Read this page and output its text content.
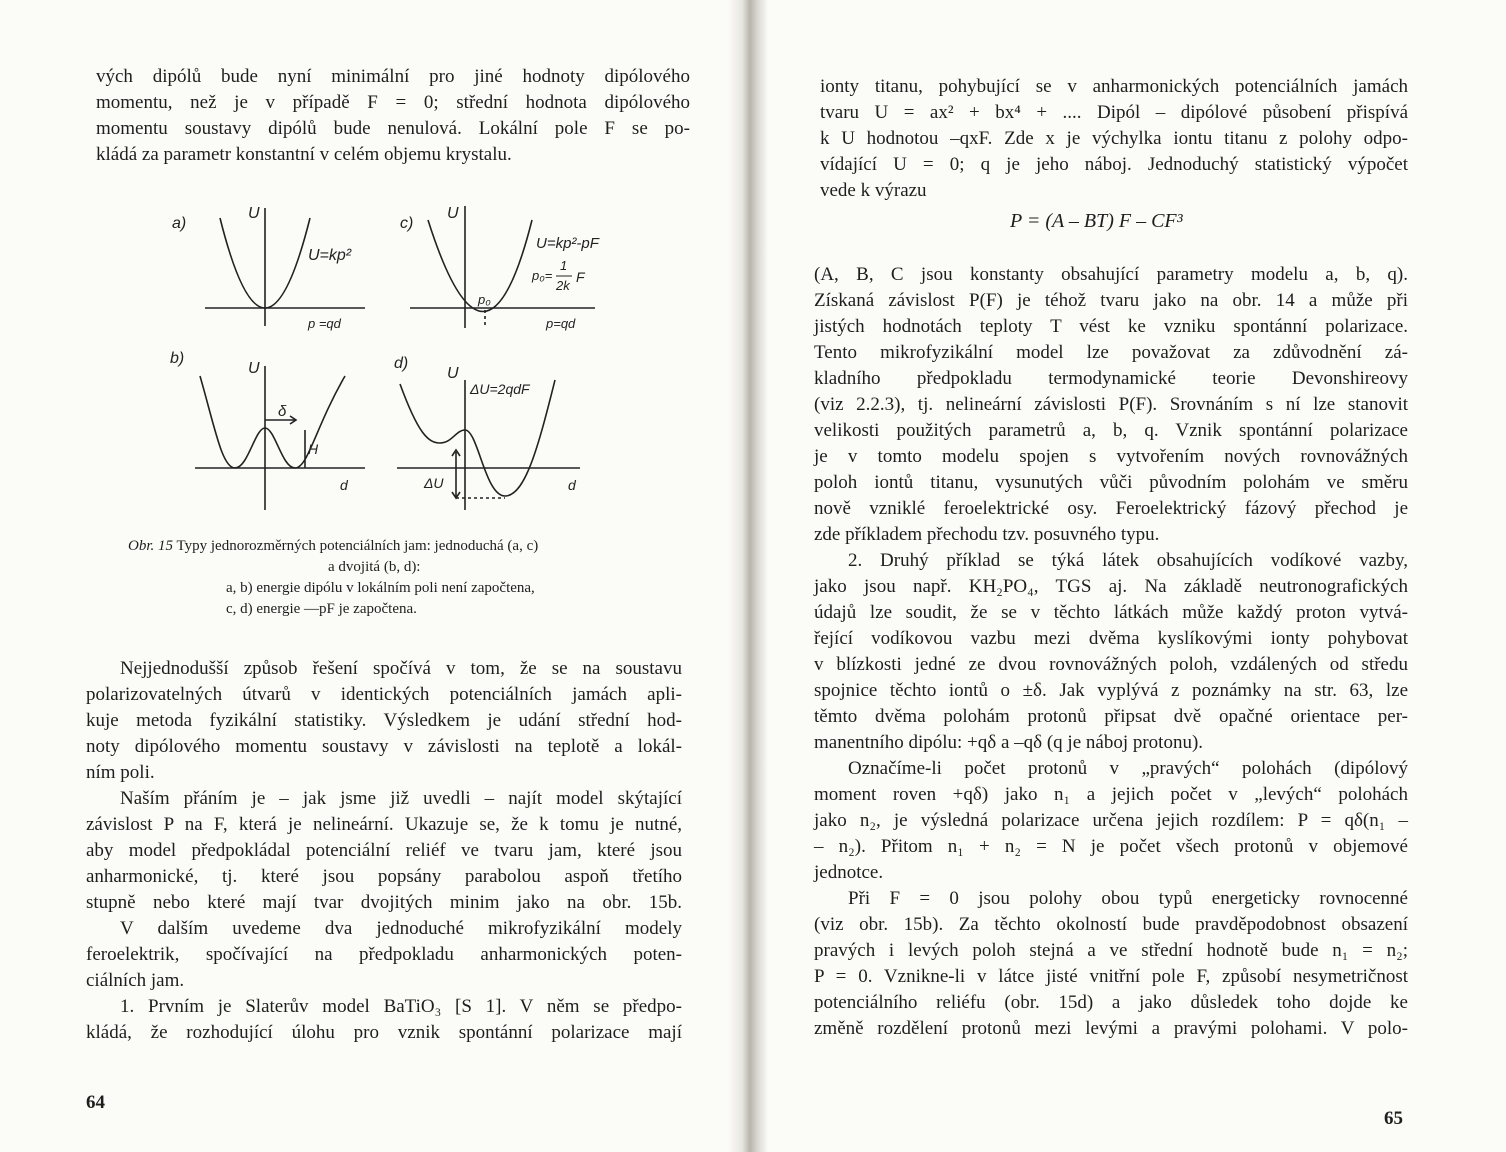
vých dipólů bude nyní minimální pro jiné hodnoty dipólového
momentu, než je v případě F = 0; střední hodnota dipólového
momentu soustavy dipólů bude nenulová. Lokální pole F se po-
kládá za parametr konstantní v celém objemu krystalu.

a)
U
U=kp²
p =qd
c)
U
U=kp²-pF
p₀=
1
2k
F
p₀
p=qd
b)
U
δ
H
d
d)
U
ΔU=2qdF
ΔU	d
Obr. 15 Typy jednorozměrných potenciálních jam: jednoduchá (a, c)
a dvojitá (b, d):
a, b) energie dipólu v lokálním poli není započtena,
c, d) energie —pF je započtena.

Nejjednodušší způsob řešení spočívá v tom, že se na soustavu
polarizovatelných útvarů v identických potenciálních jamách apli-
kuje metoda fyzikální statistiky. Výsledkem je udání střední hod-
noty dipólového momentu soustavy v závislosti na teplotě a lokál-
ním poli.
Naším přáním je – jak jsme již uvedli – najít model skýtající
závislost P na F, která je nelineární. Ukazuje se, že k tomu je nutné,
aby model předpokládal potenciální reliéf ve tvaru jam, které jsou
anharmonické, tj. které jsou popsány parabolou aspoň třetího
stupně nebo které mají tvar dvojitých minim jako na obr. 15b.
V dalším uvedeme dva jednoduché mikrofyzikální modely
feroelektrik, spočívající na předpokladu anharmonických poten-
ciálních jam.
1. Prvním je Slaterův model BaTiO₃ [S 1]. V něm se předpo-
kládá, že rozhodující úlohu pro vznik spontánní polarizace mají

64

ionty titanu, pohybující se v anharmonických potenciálních jamách
tvaru U = ax² + bx⁴ + .... Dipól – dipólové působení přispívá
k U hodnotou –qxF. Zde x je výchylka iontu titanu z polohy odpo-
vídající U = 0; q je jeho náboj. Jednoduchý statistický výpočet
vede k výrazu

P = (A – BT) F – CF³

(A, B, C jsou konstanty obsahující parametry modelu a, b, q).
Získaná závislost P(F) je téhož tvaru jako na obr. 14 a může při
jistých hodnotách teploty T vést ke vzniku spontánní polarizace.
Tento mikrofyzikální model lze považovat za zdůvodnění zá-
kladního předpokladu termodynamické teorie Devonshireovy
(viz 2.2.3), tj. nelineární závislosti P(F). Srovnáním s ní lze stanovit
velikosti použitých parametrů a, b, q. Vznik spontánní polarizace
je v tomto modelu spojen s vytvořením nových rovnovážných
poloh iontů titanu, vysunutých vůči původním polohám ve směru
nově vzniklé feroelektrické osy. Feroelektrický fázový přechod je
zde příkladem přechodu tzv. posuvného typu.
2. Druhý příklad se týká látek obsahujících vodíkové vazby,
jako jsou např. KH₂PO₄, TGS aj. Na základě neutronografických
údajů lze soudit, že se v těchto látkách může každý proton vytvá-
řející vodíkovou vazbu mezi dvěma kyslíkovými ionty pohybovat
v blízkosti jedné ze dvou rovnovážných poloh, vzdálených od středu
spojnice těchto iontů o ±δ. Jak vyplývá z poznámky na str. 63, lze
těmto dvěma polohám protonů připsat dvě opačné orientace per-
manentního dipólu: +qδ a –qδ (q je náboj protonu).
Označíme-li počet protonů v „pravých“ polohách (dipólový
moment roven +qδ) jako n₁ a jejich počet v „levých“ polohách
jako n₂, je výsledná polarizace určena jejich rozdílem: P = qδ(n₁ –
– n₂). Přitom n₁ + n₂ = N je počet všech protonů v objemové
jednotce.
Při F = 0 jsou polohy obou typů energeticky rovnocenné
(viz obr. 15b). Za těchto okolností bude pravděpodobnost obsazení
pravých i levých poloh stejná a ve střední hodnotě bude n₁ = n₂;
P = 0. Vznikne-li v látce jisté vnitřní pole F, způsobí nesymetričnost
potenciálního reliéfu (obr. 15d) a jako důsledek toho dojde ke
změně rozdělení protonů mezi levými a pravými polohami. V polo-

65
